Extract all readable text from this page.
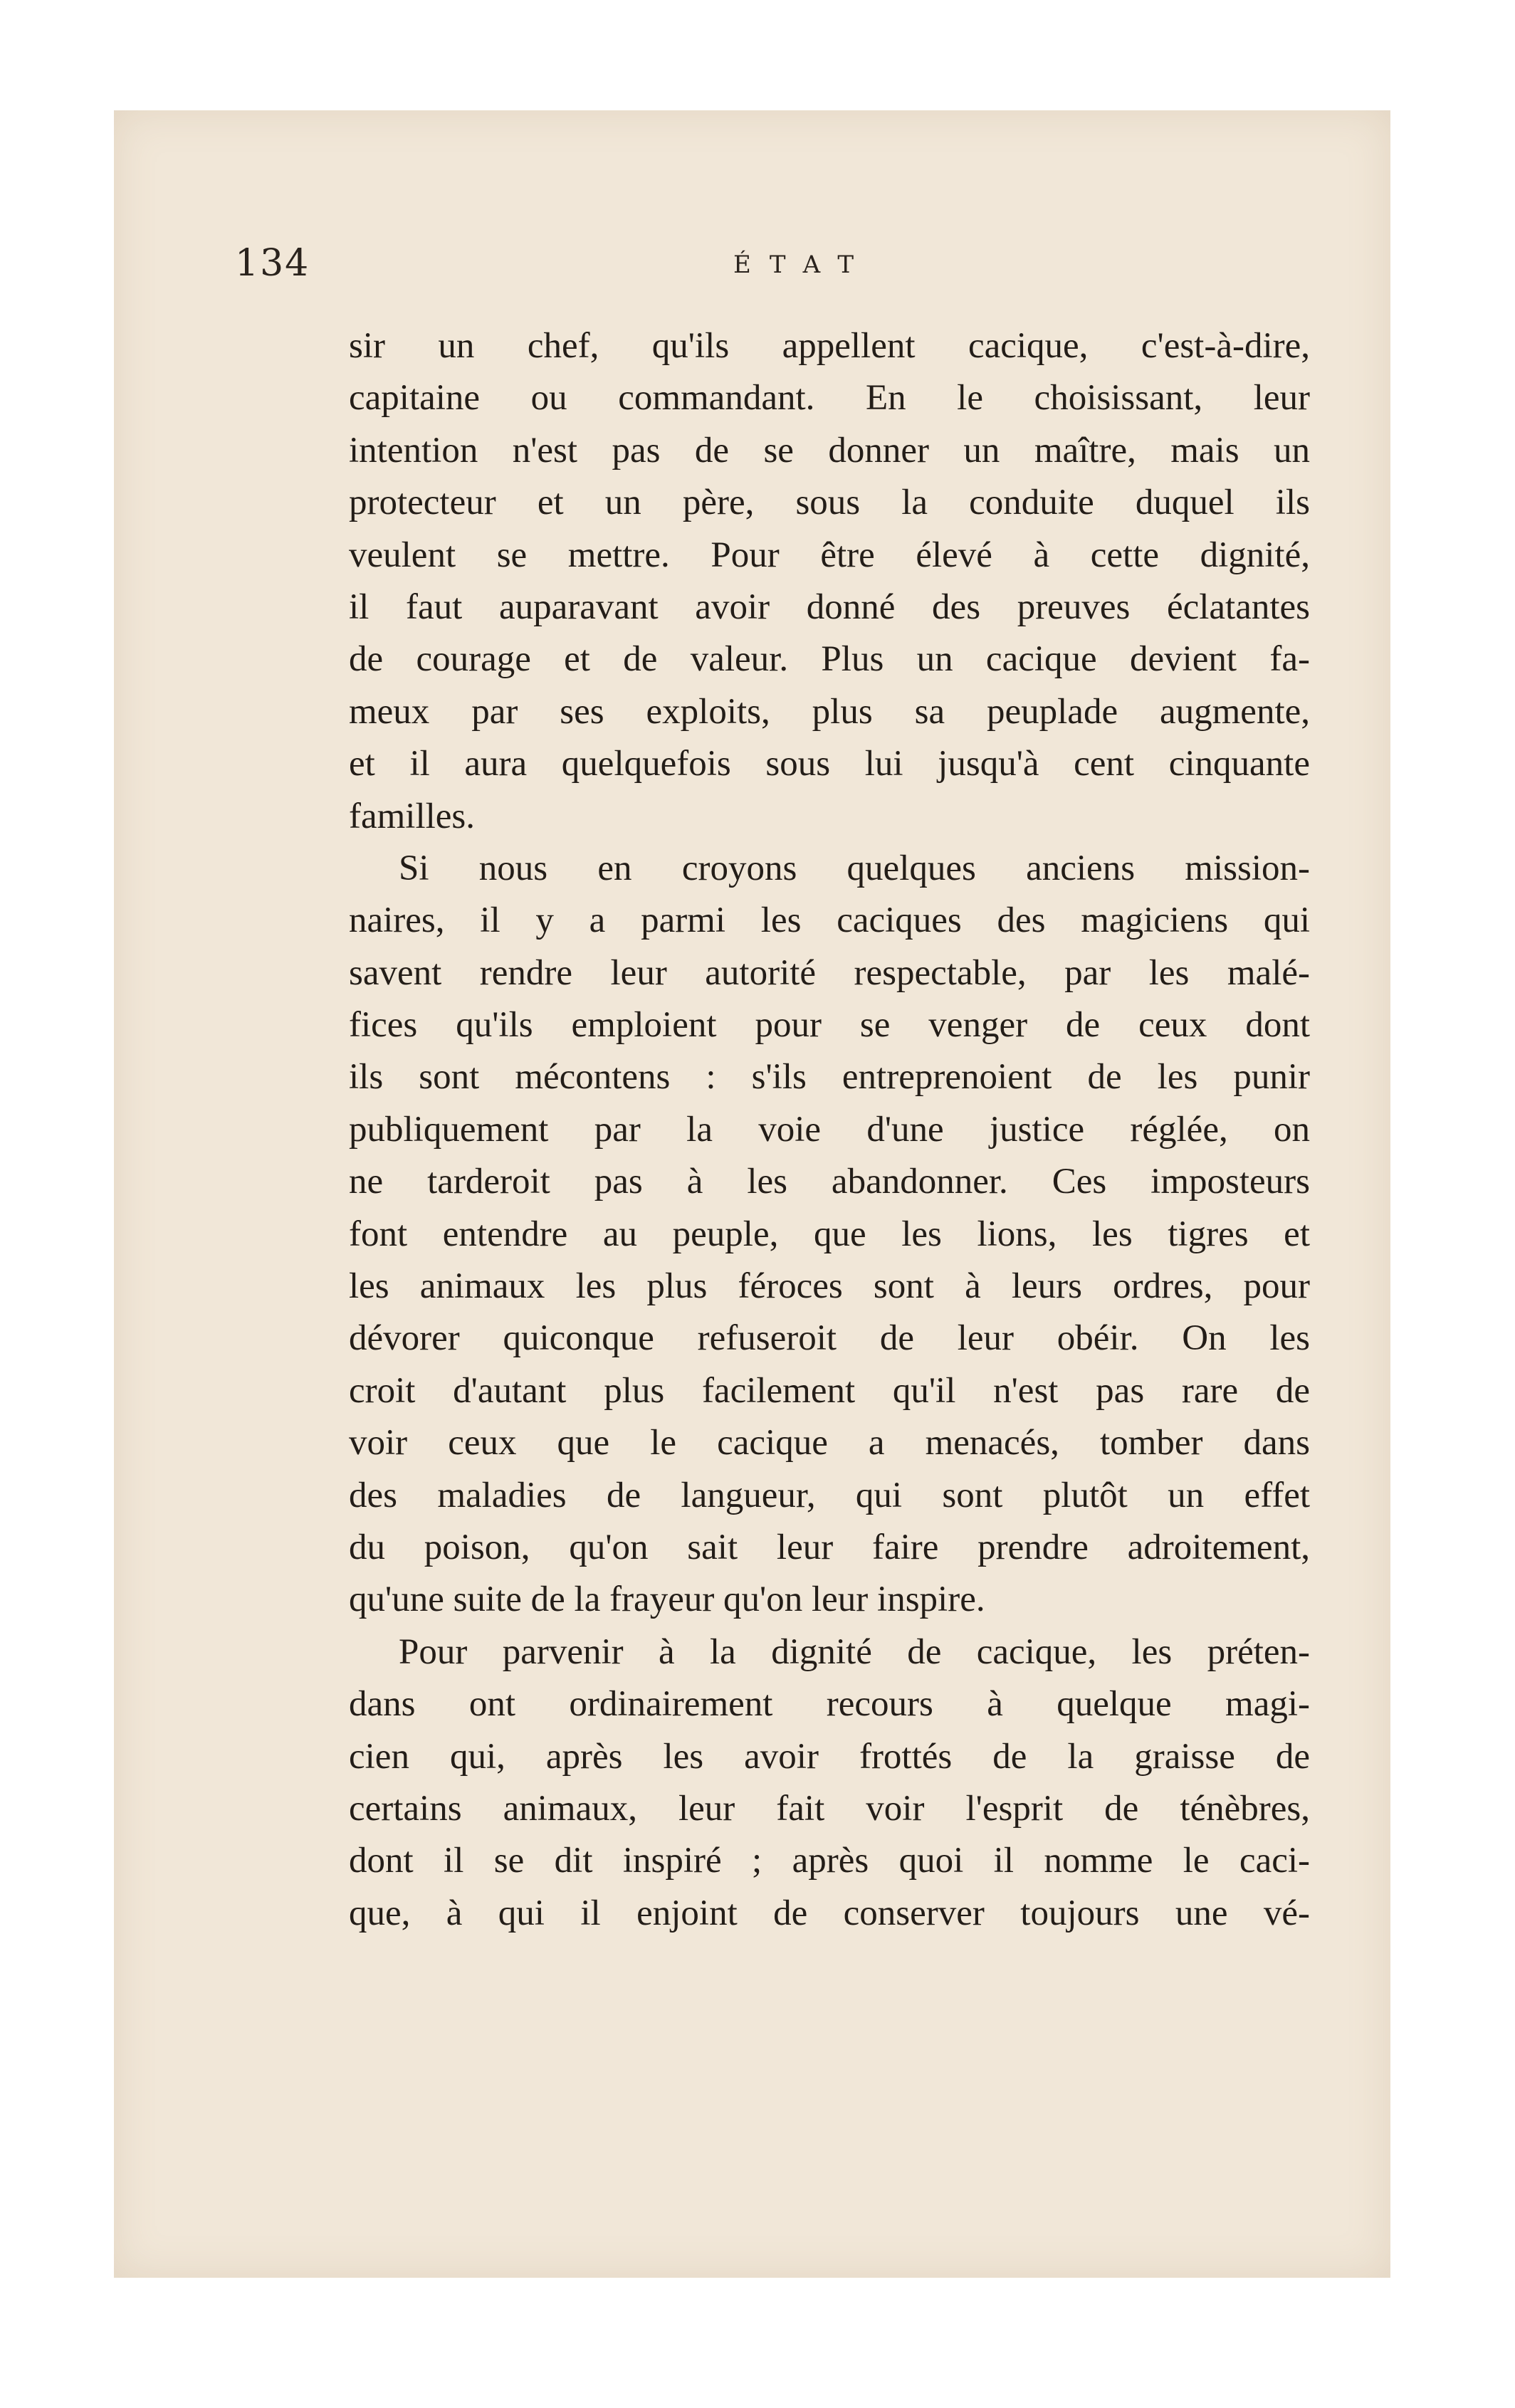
134	ÉTAT
sir un chef, qu'ils appellent cacique, c'est-à-dire,
capitaine ou commandant. En le choisissant, leur
intention n'est pas de se donner un maître, mais un
protecteur et un père, sous la conduite duquel ils
veulent se mettre. Pour être élevé à cette dignité,
il faut auparavant avoir donné des preuves éclatantes
de courage et de valeur. Plus un cacique devient fa-
meux par ses exploits, plus sa peuplade augmente,
et il aura quelquefois sous lui jusqu'à cent cinquante
familles.
Si nous en croyons quelques anciens mission-
naires, il y a parmi les caciques des magiciens qui
savent rendre leur autorité respectable, par les malé-
fices qu'ils emploient pour se venger de ceux dont
ils sont mécontens : s'ils entreprenoient de les punir
publiquement par la voie d'une justice réglée, on
ne tarderoit pas à les abandonner. Ces imposteurs
font entendre au peuple, que les lions, les tigres et
les animaux les plus féroces sont à leurs ordres, pour
dévorer quiconque refuseroit de leur obéir. On les
croit d'autant plus facilement qu'il n'est pas rare de
voir ceux que le cacique a menacés, tomber dans
des maladies de langueur, qui sont plutôt un effet
du poison, qu'on sait leur faire prendre adroitement,
qu'une suite de la frayeur qu'on leur inspire.
Pour parvenir à la dignité de cacique, les préten-
dans ont ordinairement recours à quelque magi-
cien qui, après les avoir frottés de la graisse de
certains animaux, leur fait voir l'esprit de ténèbres,
dont il se dit inspiré ; après quoi il nomme le caci-
que, à qui il enjoint de conserver toujours une vé-
